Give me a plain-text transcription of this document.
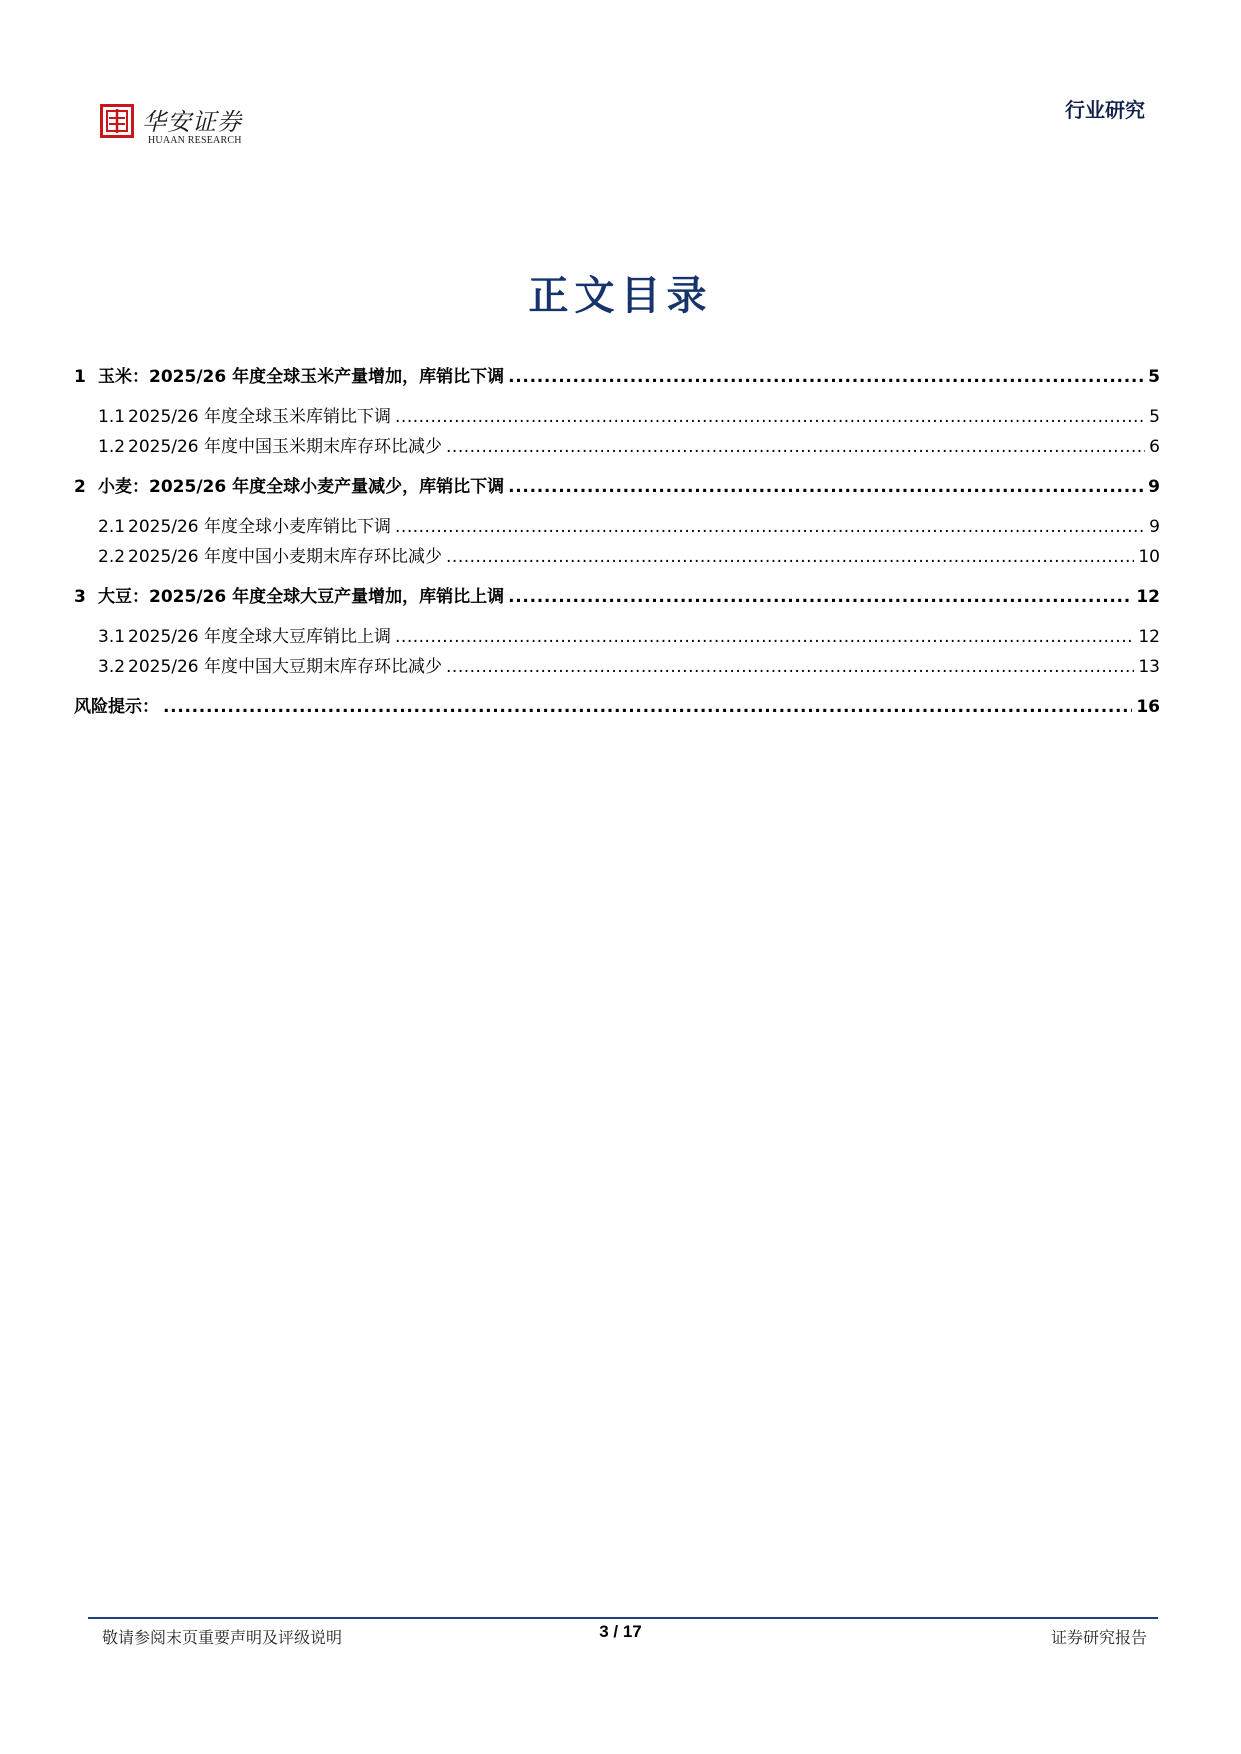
华安证券
HUAAN RESEARCH
行业研究
正文目录
1 玉米：2025/26 年度全球玉米产量增加，库销比下调 .....	5
1.1 2025/26 年度全球玉米库销比下调 .....	5
1.2 2025/26 年度中国玉米期末库存环比减少 .....	6
2 小麦：2025/26 年度全球小麦产量减少，库销比下调 .....	9
2.1 2025/26 年度全球小麦库销比下调 .....	9
2.2 2025/26 年度中国小麦期末库存环比减少 .....	10
3 大豆：2025/26 年度全球大豆产量增加，库销比上调 .....	12
3.1 2025/26 年度全球大豆库销比上调 .....	12
3.2 2025/26 年度中国大豆期末库存环比减少 .....	13
风险提示： .....	16
敬请参阅末页重要声明及评级说明	3 / 17	证券研究报告
